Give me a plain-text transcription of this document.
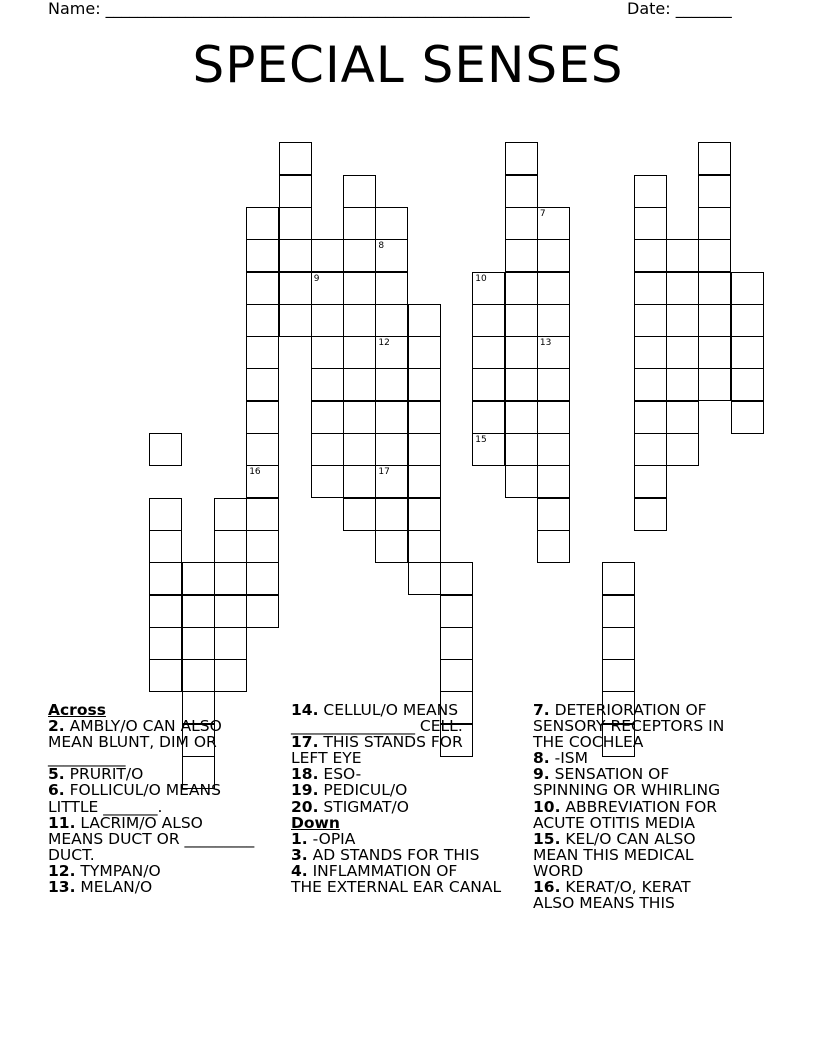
Name: _____________________________________________________	Date: _______
SPECIAL SENSES
16
9
8
12
17
10
15
7
13

Across

2. AMBLY/O CAN ALSO

MEAN BLUNT, DIM OR

__________

5. PRURIT/O

6. FOLLICUL/O MEANS

LITTLE _______.

11. LACRIM/O ALSO

MEANS DUCT OR _________

DUCT.

12. TYMPAN/O

13. MELAN/O

14. CELLUL/O MEANS

________________ CELL.

17. THIS STANDS FOR

LEFT EYE

18. ESO-

19. PEDICUL/O

20. STIGMAT/O

Down

1. -OPIA

3. AD STANDS FOR THIS

4. INFLAMMATION OF

THE EXTERNAL EAR CANAL

7. DETERIORATION OF

SENSORY RECEPTORS IN

THE COCHLEA

8. -ISM

9. SENSATION OF

SPINNING OR WHIRLING

10. ABBREVIATION FOR

ACUTE OTITIS MEDIA

15. KEL/O CAN ALSO

MEAN THIS MEDICAL

WORD

16. KERAT/O, KERAT

ALSO MEANS THIS
